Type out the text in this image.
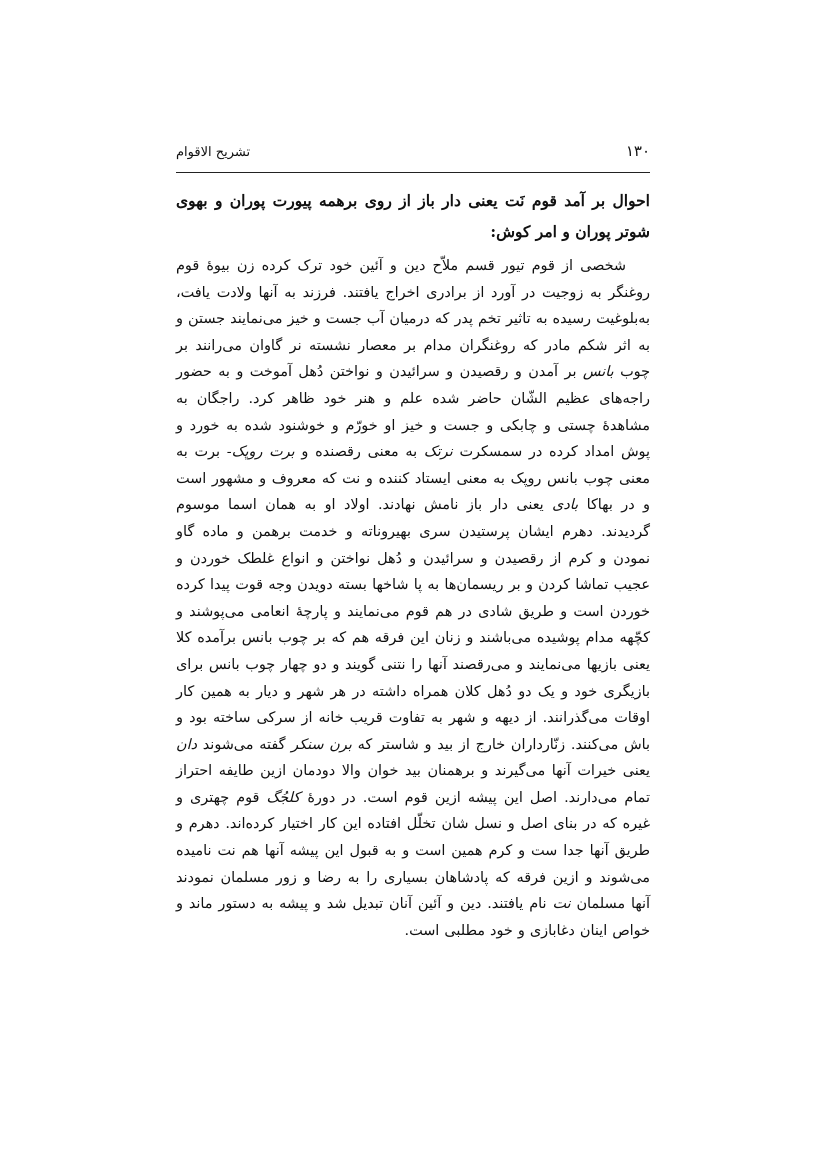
۱۳۰
تشریح الاقوام
احوال بر آمد قوم نَت یعنی دار باز از روی برهمه پیورت پوران و بهوی شوتر پوران و امر کوش:

شخصی از قوم تیور قسم ملاّح دین و آئین خود ترک کرده زن بیوۀ قوم روغنگر به زوجیت در آورد از برادری اخراج یافتند. فرزند به آنها ولادت یافت، به‌بلوغیت رسیده به تاثیر تخم پدر که درمیان آب جست و خیز می‌نمایند جستن و به اثر شکم مادر که روغنگران مدام بر معصار نشسته نر گاوان می‌رانند بر چوب بانس بر آمدن و رقصیدن و سرائیدن و نواختن دُهل آموخت و به حضور راجه‌های عظیم الشّان حاضر شده علم و هنر خود ظاهر کرد. راجگان به مشاهدۀ چستی و چابکی و جست و خیز او خورّم و خوشنود شده به خورد و پوش امداد کرده در سمسکرت نرتک به معنی رقصنده و برت روپک- برت به معنی چوب بانس روپک به معنی ایستاد کننده و نت که معروف و مشهور است و در بهاکا بادی یعنی دار باز نامش نهادند. اولاد او به همان اسما موسوم گردیدند. دهرم ایشان پرستیدن سری بهیروناته و خدمت برهمن و ماده گاو نمودن و کرم از رقصیدن و سرائیدن و دُهل نواختن و انواع غلطک خوردن و عجیب تماشا کردن و بر ریسمان‌ها به پا شاخها بسته دویدن وجه قوت پیدا کرده خوردن است و طریق شادی در هم قوم می‌نمایند و پارچۀ انعامی می‌پوشند و کچّهه مدام پوشیده می‌باشند و زنان این فرقه هم که بر چوب بانس برآمده کلا یعنی بازیها می‌نمایند و می‌رقصند آنها را نتنی گویند و دو چهار چوب بانس برای بازیگری خود و یک دو دُهل کلان همراه داشته در هر شهر و دیار به همین کار اوقات می‌گذرانند. از دیهه و شهر به تفاوت قریب خانه از سرکی ساخته بود و باش می‌کنند. زنّارداران خارج از بید و شاستر که برن سنکر گفته می‌شوند دان یعنی خیرات آنها می‌گیرند و برهمنان بید خوان والا دودمان ازین طایفه احتراز تمام می‌دارند. اصل این پیشه ازین قوم است. در دورۀ کلجُگ قوم چهتری و غیره که در بنای اصل و نسل شان تخلّل افتاده این کار اختیار کرده‌اند. دهرم و طریق آنها جدا ست و کرم همین است و به قبول این پیشه آنها هم نت نامیده می‌شوند و ازین فرقه که پادشاهان بسیاری را به رضا و زور مسلمان نمودند آنها مسلمان نت نام یافتند. دین و آئین آنان تبدیل شد و پیشه به دستور ماند و خواص اینان دغابازی و خود مطلبی است.
